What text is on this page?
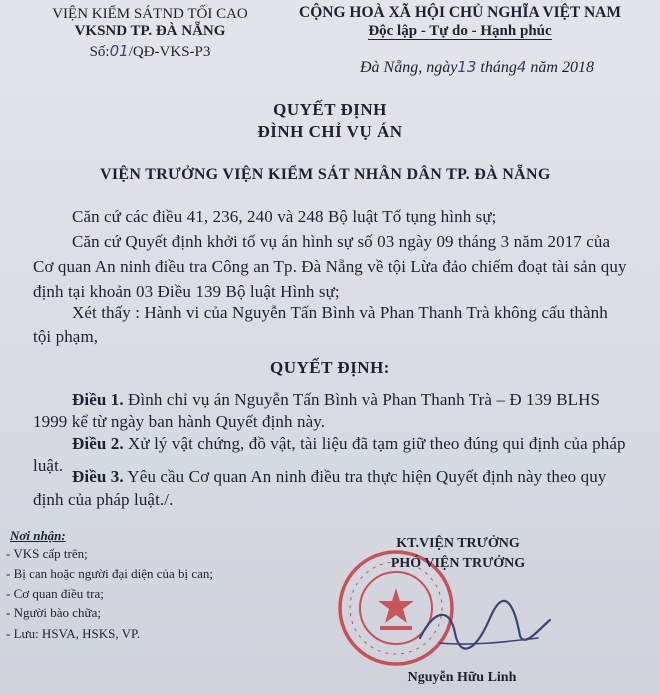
VIỆN KIỂM SÁTND TỐI CAO
VKSND TP. ĐÀ NẴNG
Số:01/QĐ-VKS-P3
CỘNG HOÀ XÃ HỘI CHỦ NGHĨA VIỆT NAM
Độc lập - Tự do - Hạnh phúc
Đà Nẵng, ngày13 tháng4 năm 2018
QUYẾT ĐỊNH
ĐÌNH CHỈ VỤ ÁN
VIỆN TRƯỞNG VIỆN KIỂM SÁT NHÂN DÂN TP. ĐÀ NẴNG
Căn cứ các điều 41, 236, 240 và 248 Bộ luật Tố tụng hình sự;
Căn cứ Quyết định khởi tố vụ án hình sự số 03 ngày 09 tháng 3 năm 2017 của
Cơ quan An ninh điều tra Công an Tp. Đà Nẵng về tội Lừa đảo chiếm đoạt tài sản quy
định tại khoản 03 Điều 139 Bộ luật Hình sự;
Xét thấy : Hành vi của Nguyễn Tấn Bình và Phan Thanh Trà không cấu thành
tội phạm,
QUYẾT ĐỊNH:
Điều 1. Đình chỉ vụ án Nguyễn Tấn Bình và Phan Thanh Trà – Đ 139 BLHS
1999 kể từ ngày ban hành Quyết định này.
Điều 2. Xử lý vật chứng, đồ vật, tài liệu đã tạm giữ theo đúng qui định của pháp
luật.
Điều 3. Yêu cầu Cơ quan An ninh điều tra thực hiện Quyết định này theo quy
định của pháp luật./.
Nơi nhận:
- VKS cấp trên;
- Bị can hoặc người đại diện của bị can;
- Cơ quan điều tra;
- Người bào chữa;
- Lưu: HSVA, HSKS, VP.
KT.VIỆN TRƯỞNG
PHÓ VIỆN TRƯỞNG
Nguyễn Hữu Linh
